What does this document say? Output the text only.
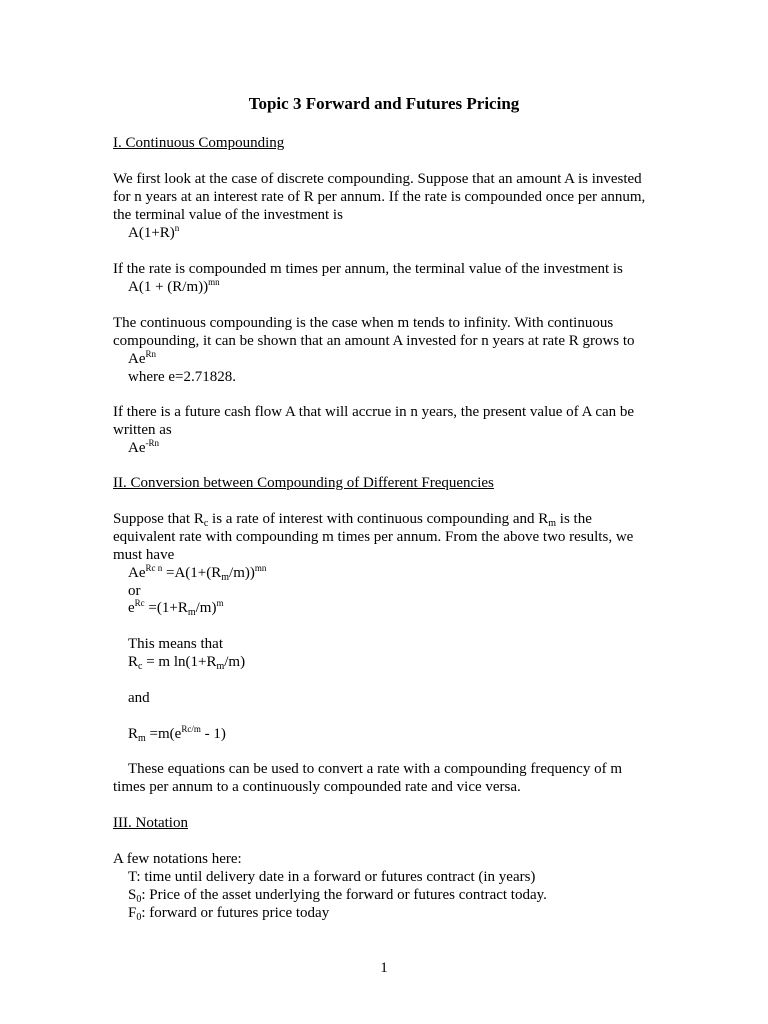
Topic 3 Forward and Futures Pricing
I. Continuous Compounding
We first look at the case of discrete compounding. Suppose that an amount A is invested
for n years at an interest rate of R per annum. If the rate is compounded once per annum,
the terminal value of the investment is
$A(1+R)^n$
If the rate is compounded m times per annum, the terminal value of the investment is
$A(1 + (R/m))^{mn}$
The continuous compounding is the case when m tends to infinity. With continuous
compounding, it can be shown that an amount A invested for n years at rate R grows to
$Ae^{Rn}$
where e=2.71828.
If there is a future cash flow A that will accrue in n years, the present value of A can be
written as
$Ae^{-Rn}$
II. Conversion between Compounding of Different Frequencies
Suppose that $R_c$ is a rate of interest with continuous compounding and $R_m$ is the
equivalent rate with compounding m times per annum. From the above two results, we
must have
$Ae^{Rc n} =A(1+(R_m/m))^{mn}$
or
$e^{Rc} =(1+R_m/m)^m$
This means that
$R_c = m$ $\ln(1+R_m/m)$
and
$R_m =m(e^{Rc/m} - 1)$
These equations can be used to convert a rate with a compounding frequency of m
times per annum to a continuously compounded rate and vice versa.
III. Notation
A few notations here:
T: time until delivery date in a forward or futures contract (in years)
$S_0$: Price of the asset underlying the forward or futures contract today.
$F_0$: forward or futures price today
1
